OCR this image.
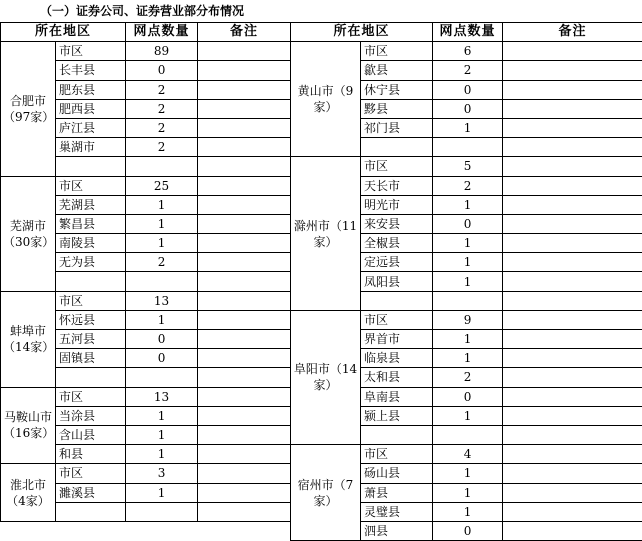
（一）证券公司、证券营业部分布情况
所在地区		网点数量	备注
合肥市（97家）	市区	89	
	长丰县	0	
	肥东县	2	
	肥西县	2	
	庐江县	2	
	巢湖市	2	

芜湖市（30家）	市区	25	
	芜湖县	1	
	繁昌县	1	
	南陵县	1	
	无为县	2	

蚌埠市（14家）	市区	13	
	怀远县	1	
	五河县	0	
	固镇县	0	

马鞍山市（16家）	市区	13	
	当涂县	1	
	含山县	1	
	和县	1	
淮北市（4家）	市区	3	
	濉溪县	1	

所在地区		网点数量	备注
黄山市（9家）	市区	6	
	歙县	2	
	休宁县	0	
	黟县	0	
	祁门县	1	

滁州市（11家）	市区	5	
	天长市	2	
	明光市	1	
	来安县	0	
	全椒县	1	
	定远县	1	
	凤阳县	1	

阜阳市（14家）	市区	9	
	界首市	1	
	临泉县	1	
	太和县	2	
	阜南县	0	
	颍上县	1	

宿州市（7家）	市区	4	
	砀山县	1	
	萧县	1	
	灵璧县	1	
	泗县	0	
